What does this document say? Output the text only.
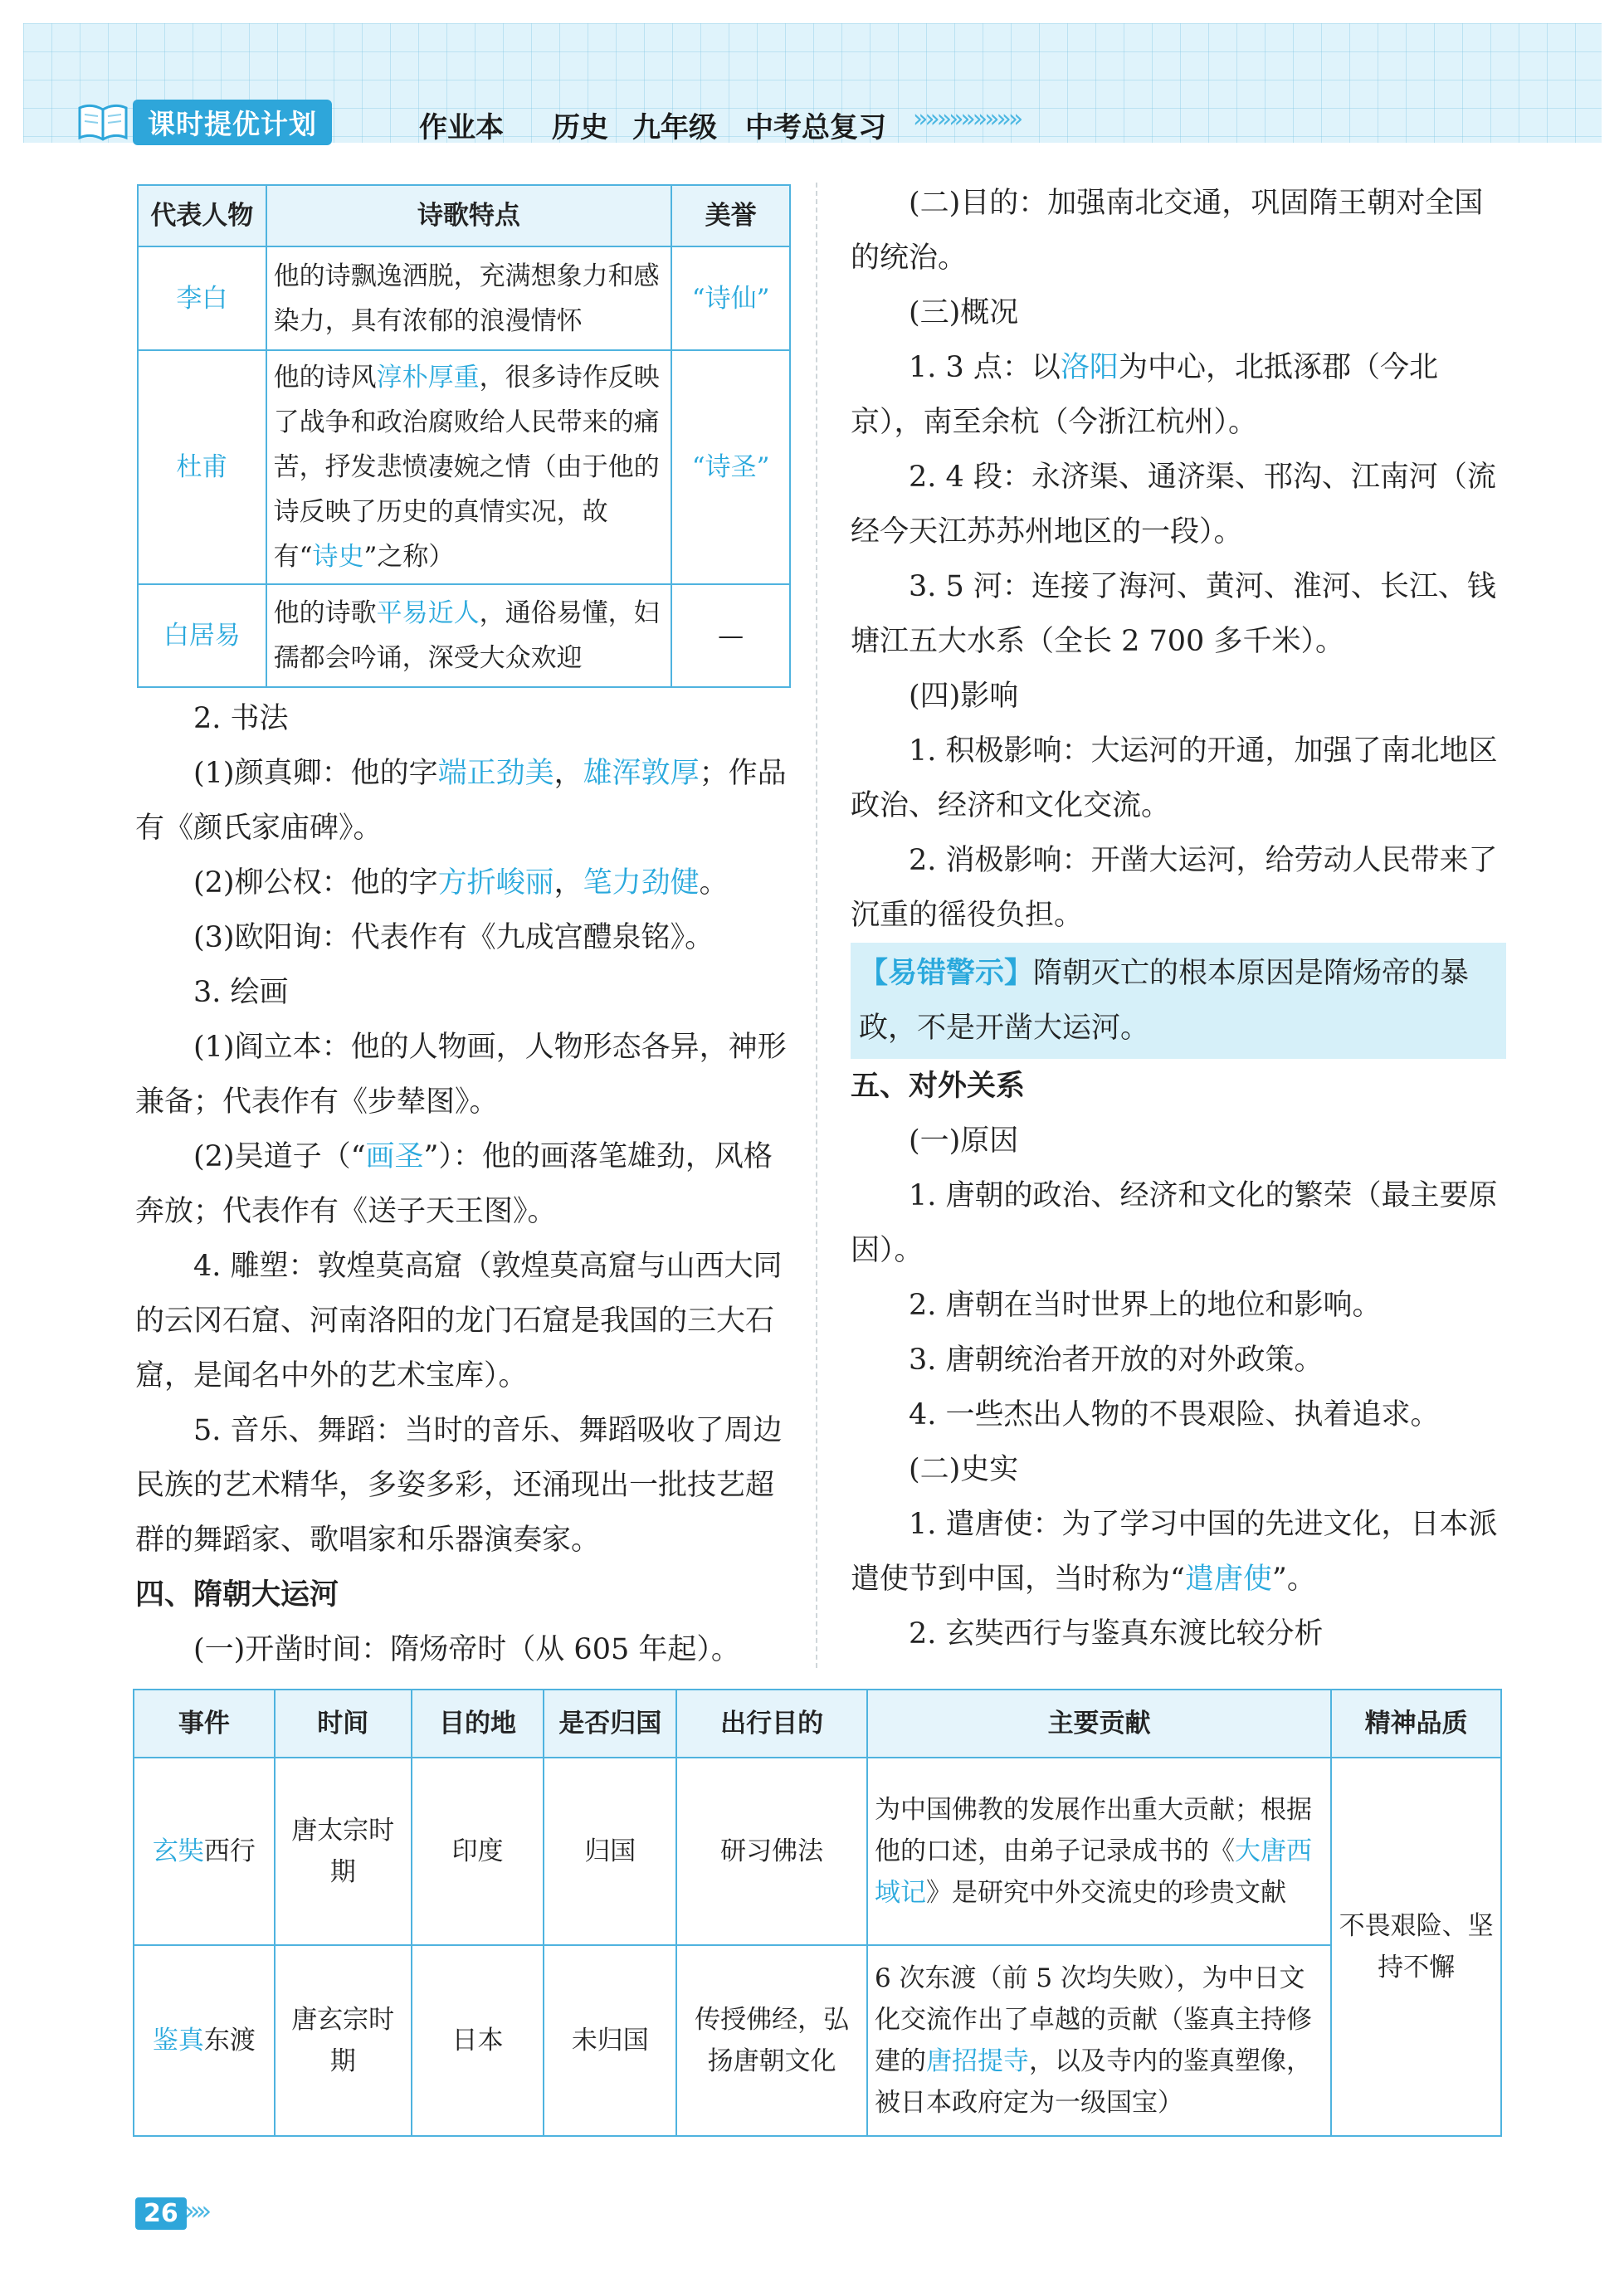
课时提优计划	作业本 历史 九年级 中考总复习 »»»»»»»»»
代表人物	诗歌特点	美誉
李白	他的诗飘逸洒脱，充满想象力和感染力，具有浓郁的浪漫情怀	“诗仙”
杜甫	他的诗风淳朴厚重，很多诗作反映了战争和政治腐败给人民带来的痛苦，抒发悲愤凄婉之情（由于他的诗反映了历史的真情实况，故有“诗史”之称）	“诗圣”
白居易	他的诗歌平易近人，通俗易懂，妇孺都会吟诵，深受大众欢迎	—

2. 书法

(1)颜真卿：他的字端正劲美，雄浑敦厚；作品有《颜氏家庙碑》。

(2)柳公权：他的字方折峻丽，笔力劲健。

(3)欧阳询：代表作有《九成宫醴泉铭》。

3. 绘画

(1)阎立本：他的人物画，人物形态各异，神形兼备；代表作有《步辇图》。

(2)吴道子（“画圣”）：他的画落笔雄劲，风格奔放；代表作有《送子天王图》。

4. 雕塑：敦煌莫高窟（敦煌莫高窟与山西大同的云冈石窟、河南洛阳的龙门石窟是我国的三大石窟，是闻名中外的艺术宝库）。

5. 音乐、舞蹈：当时的音乐、舞蹈吸收了周边民族的艺术精华，多姿多彩，还涌现出一批技艺超群的舞蹈家、歌唱家和乐器演奏家。

四、隋朝大运河

(一)开凿时间：隋炀帝时（从 605 年起）。

(二)目的：加强南北交通，巩固隋王朝对全国的统治。

(三)概况

1. 3 点：以洛阳为中心，北抵涿郡（今北京），南至余杭（今浙江杭州）。

2. 4 段：永济渠、通济渠、邗沟、江南河（流经今天江苏苏州地区的一段）。

3. 5 河：连接了海河、黄河、淮河、长江、钱塘江五大水系（全长 2 700 多千米）。

(四)影响

1. 积极影响：大运河的开通，加强了南北地区政治、经济和文化交流。

2. 消极影响：开凿大运河，给劳动人民带来了沉重的徭役负担。

【易错警示】隋朝灭亡的根本原因是隋炀帝的暴政，不是开凿大运河。

五、对外关系

(一)原因

1. 唐朝的政治、经济和文化的繁荣（最主要原因）。

2. 唐朝在当时世界上的地位和影响。

3. 唐朝统治者开放的对外政策。

4. 一些杰出人物的不畏艰险、执着追求。

(二)史实

1. 遣唐使：为了学习中国的先进文化，日本派遣使节到中国，当时称为“遣唐使”。

2. 玄奘西行与鉴真东渡比较分析

事件	时间	目的地	是否归国	出行目的	主要贡献	精神品质
玄奘西行	唐太宗时期	印度	归国	研习佛法	为中国佛教的发展作出重大贡献；根据他的口述，由弟子记录成书的《大唐西域记》是研究中外交流史的珍贵文献	不畏艰险、坚持不懈
鉴真东渡	唐玄宗时期	日本	未归国	传授佛经，弘扬唐朝文化	6 次东渡（前 5 次均失败），为中日文化交流作出了卓越的贡献（鉴真主持修建的唐招提寺，以及寺内的鉴真塑像，被日本政府定为一级国宝）	
26 »»
